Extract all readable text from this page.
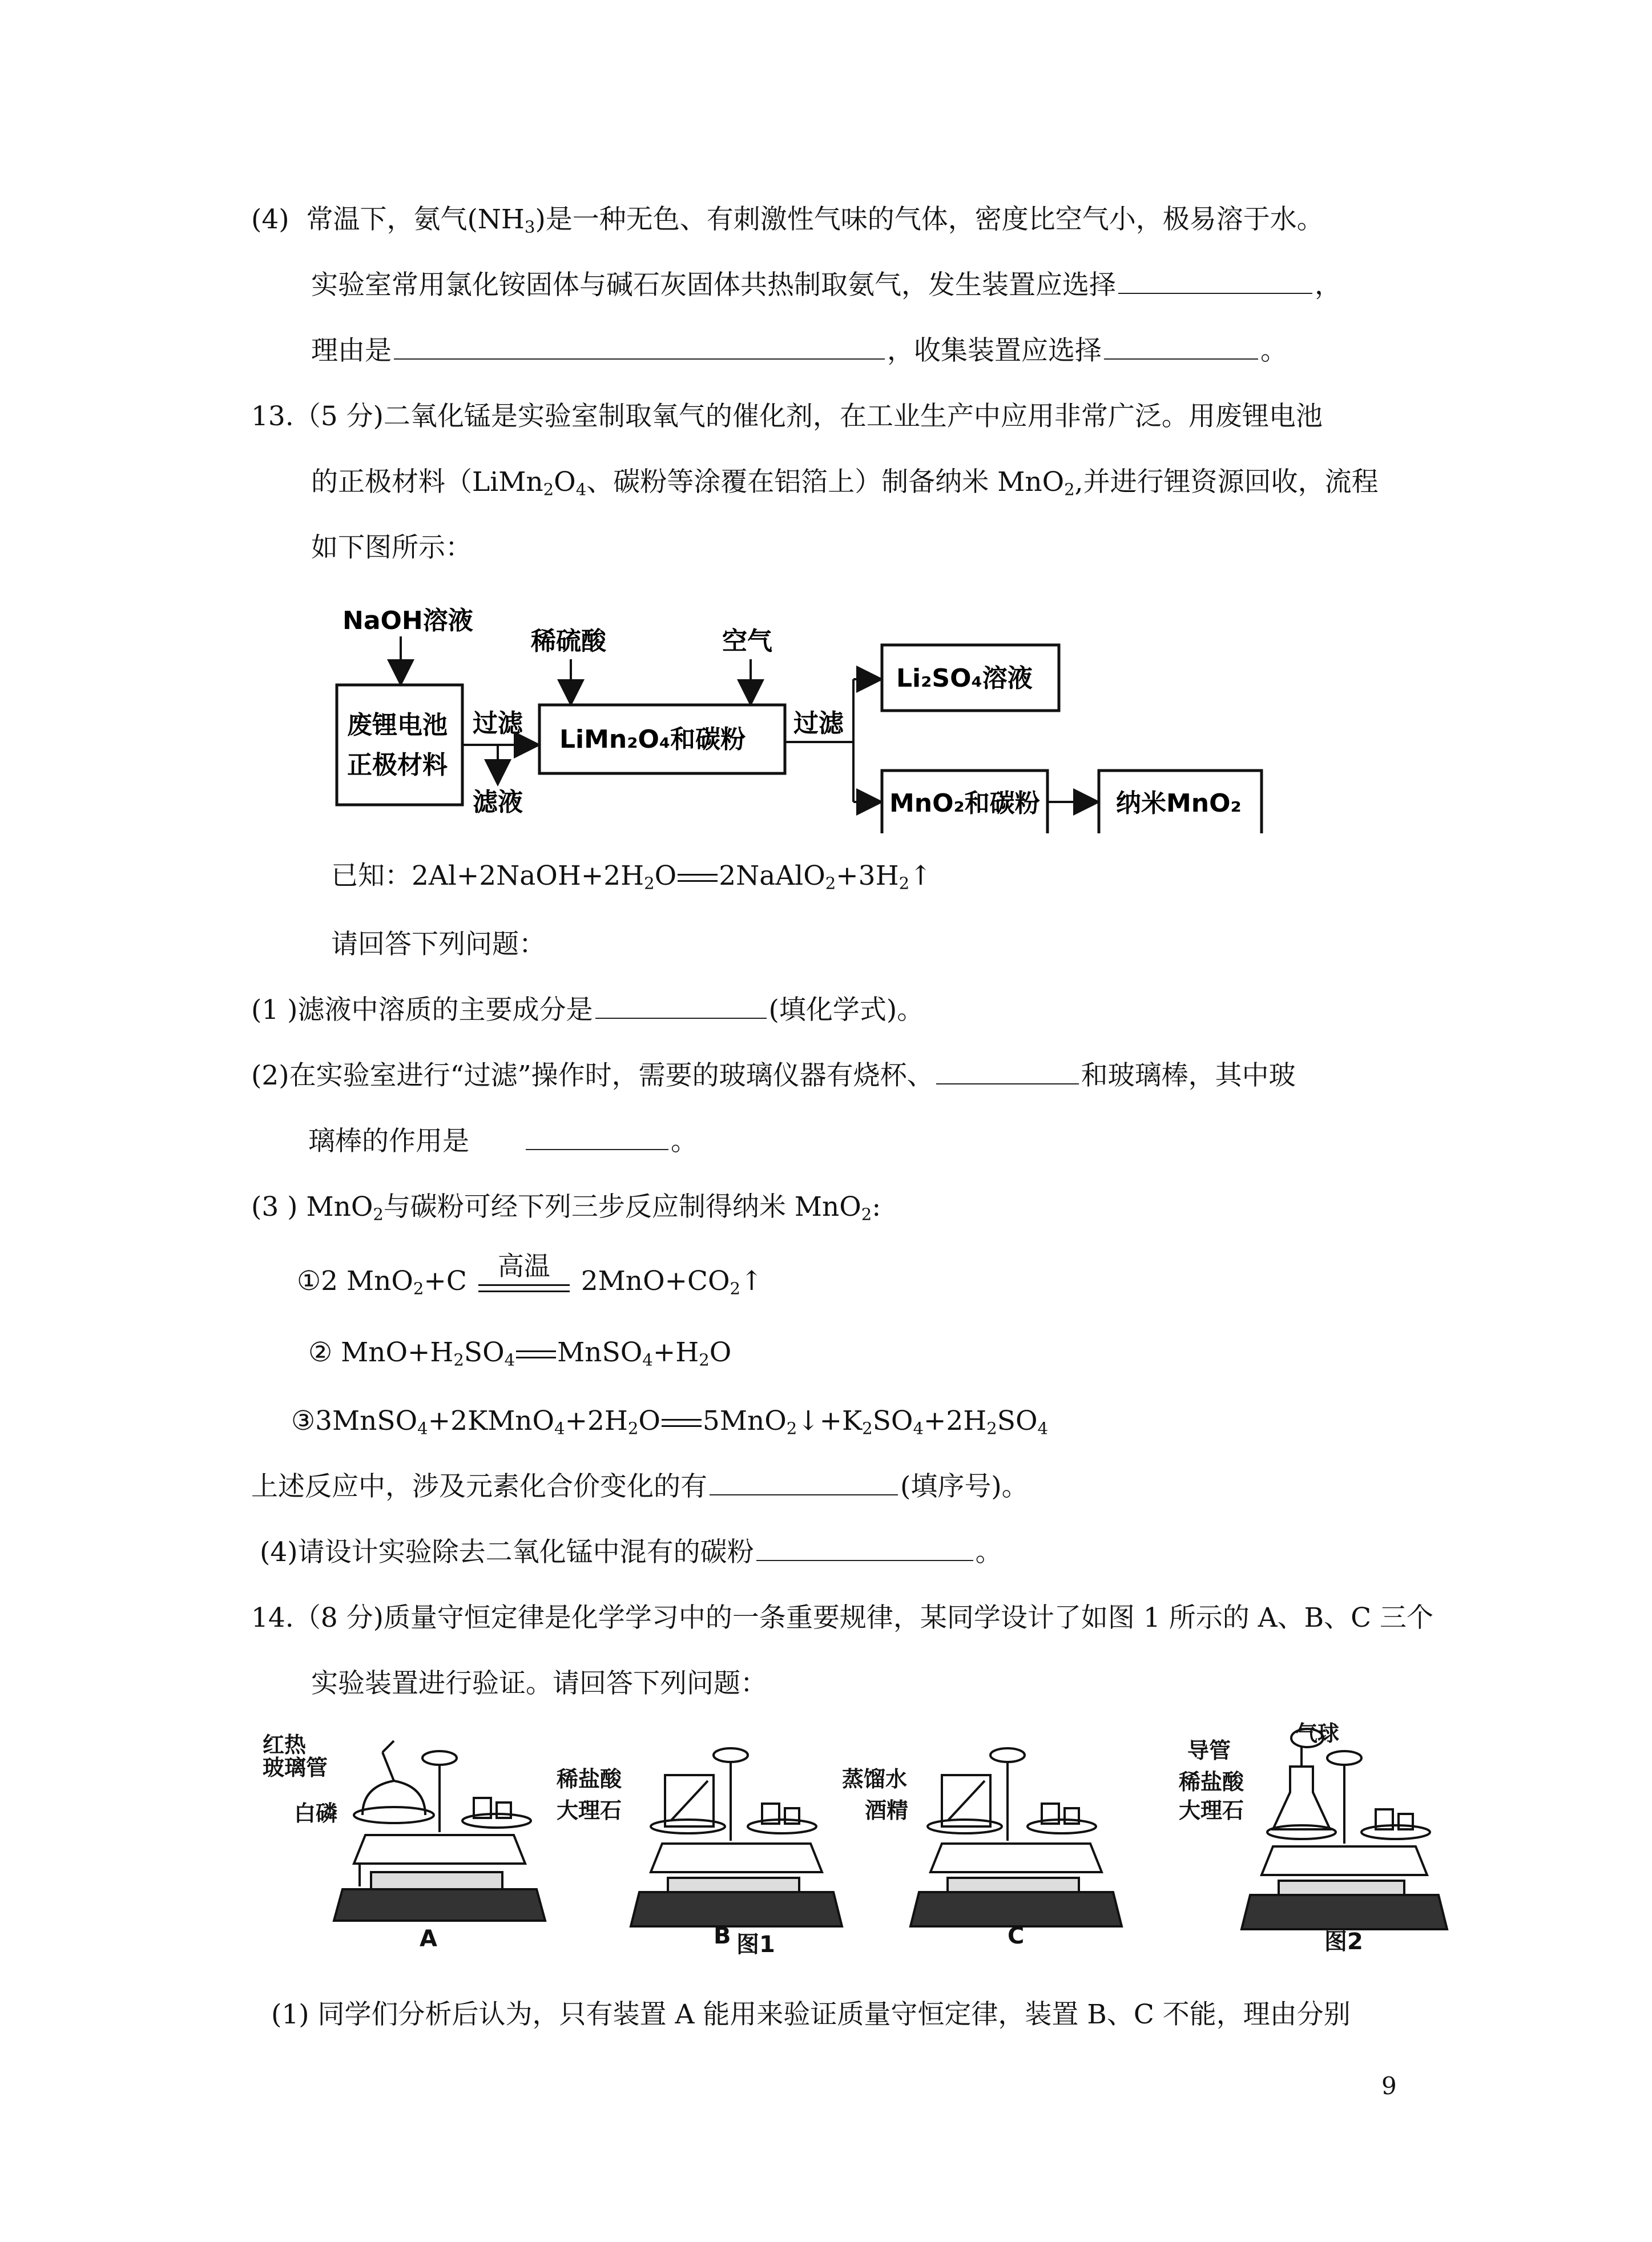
(4) 常温下，氨气$(NH_3)$是一种无色、有刺激性气味的气体，密度比空气小，极易溶于水。
实验室常用氯化铵固体与碱石灰固体共热制取氨气，发生装置应选择	，
理由是	，收集装置应选择	。
13.（5 分)二氧化锰是实验室制取氧气的催化剂，在工业生产中应用非常广泛。用废锂电池
的正极材料（$LiMn_2O_4$、碳粉等涂覆在铝箔上）制备纳米 MnO$_2$,并进行锂资源回收，流程
如下图所示：
NaOH溶液
废锂电池
正极材料
过滤
滤液
稀硫酸	空气
LiMn₂O₄和碳粉
过滤
Li₂SO₄溶液
MnO₂和碳粉	纳米MnO₂
已知：$2Al+2NaOH+2H_2O$ $2NaAlO_2+3H_2↑$
请回答下列问题：
(1 )滤液中溶质的主要成分是	(填化学式)。
(2)在实验室进行“过滤”操作时，需要的玻璃仪器有烧杯、	和玻璃棒，其中玻
璃棒的作用是	。
(3 ) MnO$_2$与碳粉可经下列三步反应制得纳米 MnO$_2$:
①2 MnO$_2$+C	高温	$2MnO+CO_2↑$
② $MnO+H_2SO_4$ $MnSO_4+H_2O$
$③3MnSO_4+2KMnO_4+2H_2O$ $5MnO_2↓+K_2SO_4+2H_2SO_4$
上述反应中，涉及元素化合价变化的有	(填序号)。
(4)请设计实验除去二氧化锰中混有的碳粉	。
14.（8 分)质量守恒定律是化学学习中的一条重要规律，某同学设计了如图 1 所示的 A、B、C 三个
实验装置进行验证。请回答下列问题：
红热
玻璃管
白磷
A
稀盐酸
大理石
B 图1
蒸馏水
酒精
C
导管
气球
稀盐酸
大理石
图2
(1) 同学们分析后认为，只有装置 A 能用来验证质量守恒定律，装置 B、C 不能，理由分别
9
